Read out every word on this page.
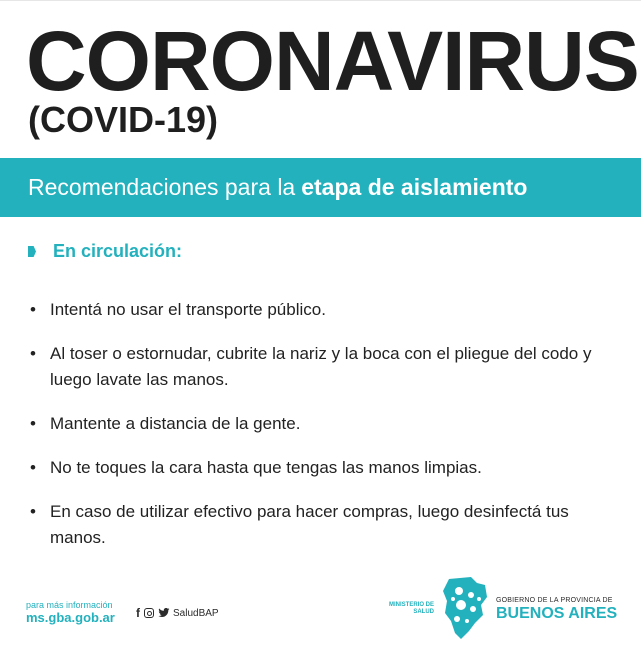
CORONAVIRUS
(COVID-19)
Recomendaciones para la etapa de aislamiento
En circulación:
• Intentá no usar el transporte público.
• Al toser o estornudar, cubrite la nariz y la boca con el pliegue del codo y luego lavate las manos.
• Mantente a distancia de la gente.
• No te toques la cara hasta que tengas las manos limpias.
• En caso de utilizar efectivo para hacer compras, luego desinfectá tus manos.
para más información
ms.gba.gob.ar f	SaludBAP
MINISTERIO DE
SALUD
GOBIERNO DE LA PROVINCIA DE
BUENOS AIRES
